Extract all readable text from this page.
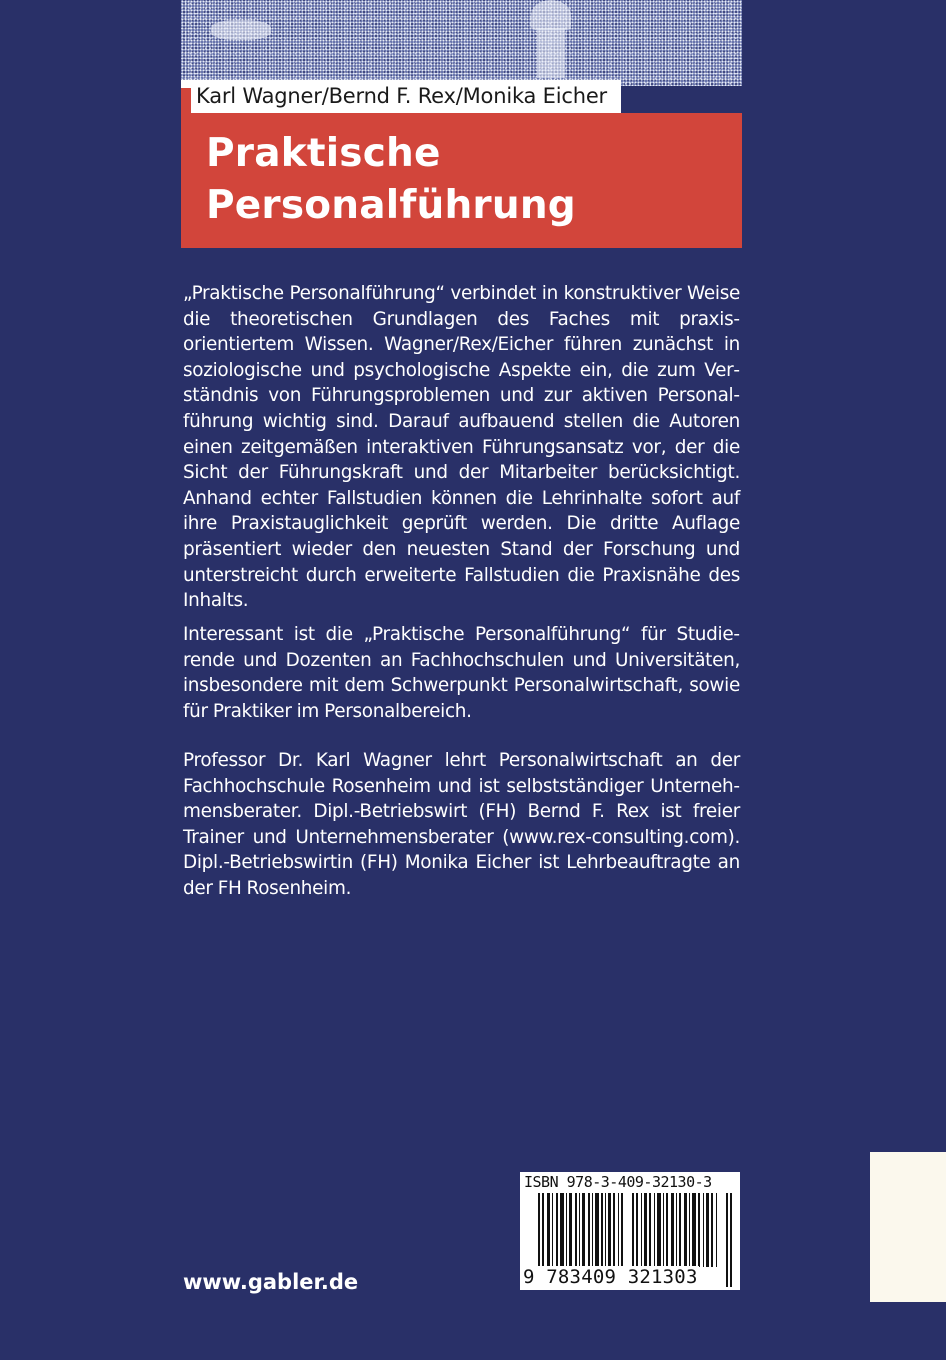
Karl Wagner/Bernd F. Rex/Monika Eicher
Praktische
Personalführung
„Praktische Personalführung“ verbindet in konstruktiver Weise die theoretischen Grundlagen des Faches mit praxisorientiertem Wissen. Wagner/Rex/Eicher führen zunächst in soziologische und psychologische Aspekte ein, die zum Verständnis von Führungsproblemen und zur aktiven Personalführung wichtig sind. Darauf aufbauend stellen die Autoren einen zeitgemäßen interaktiven Führungsansatz vor, der die Sicht der Führungskraft und der Mitarbeiter berücksichtigt. Anhand echter Fallstudien können die Lehrinhalte sofort auf ihre Praxistauglichkeit geprüft werden. Die dritte Auflage präsentiert wieder den neuesten Stand der Forschung und unterstreicht durch erweiterte Fallstudien die Praxisnähe des Inhalts.
Interessant ist die „Praktische Personalführung“ für Studierende und Dozenten an Fachhochschulen und Universitäten, insbesondere mit dem Schwerpunkt Personalwirtschaft, sowie für Praktiker im Personalbereich.
Professor Dr. Karl Wagner lehrt Personalwirtschaft an der Fachhochschule Rosenheim und ist selbstständiger Unternehmensberater. Dipl.-Betriebswirt (FH) Bernd F. Rex ist freier Trainer und Unternehmensberater (www.rex-consulting.com). Dipl.-Betriebswirtin (FH) Monika Eicher ist Lehrbeauftragte an der FH Rosenheim.
www.gabler.de
ISBN 978-3-409-32130-3
9 783409 321303
